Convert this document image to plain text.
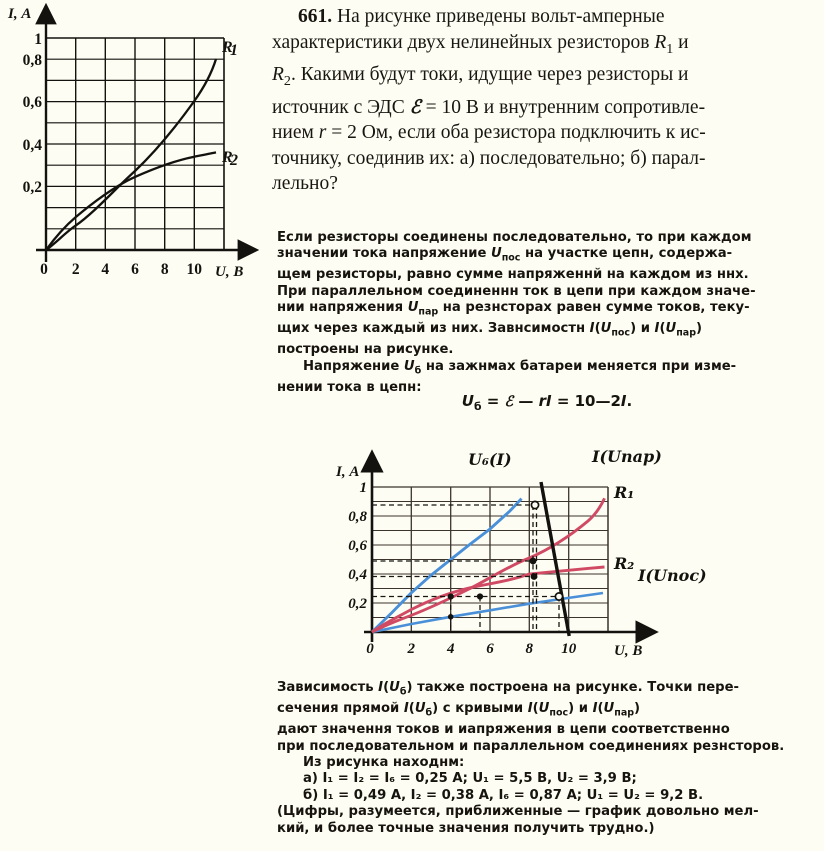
R
1
R
2
1
0,8
0,6
0,4
0,2
0 2 4 6 8 10
I, А
U, В
661. На рисунке приведены вольт-амперные
характеристики двух нелинейных резисторов $R_1$ и
$R_2$. Какими будут токи, идущие через резисторы и
источник с ЭДС ℰ = 10 В и внутренним сопротивле-
нием r = 2 Ом, если оба резистора подключить к ис-
точнику, соединив их: а) последовательно; б) парал-
лельно?
Если резисторы соединены последовательно, то при каждом
значении тока напряжение $U_{пос}$ на участке цепн, содержа-
щем резисторы, равно сумме напряженнй на каждом из ннх.
При параллельном соединеннн ток в цепи при каждом значе-
нии напряжения $U_{пар}$ на резнсторах равен сумме токов, теку-
щих через каждый из них. Завнсимостн $I(U_{пос})$ и $I(U_{пар})$
построены на рисунке.
Напряжение $U_б$ на зажнмах батареи меняется при изме-
нении тока в цепн:
$U_б$ = ℰ — rI = 10—2I.
1
0,8
0,6
0,4
0,2
0 2 4 6 8 10
I, А
U, В
U₆(I)	I(Uпар)
I(Uпос)
R₁
R₂
Зависимость $I(U_б)$ также построена на рисунке. Точки пере-
сечения прямой $I(U_б)$ с кривыми $I(U_{пос})$ и $I(U_{пар})$
дают значення токов и иапряжения в цепи соответственно
при последовательном и параллельном соединениях резнсторов.
Из рисунка находнм:
а) I₁ = I₂ = I₆ = 0,25 А; U₁ = 5,5 В, U₂ = 3,9 В;
б) I₁ = 0,49 А, I₂ = 0,38 А, I₆ = 0,87 А; U₁ = U₂ = 9,2 В.
(Цифры, разумеется, приближенные — график довольно мел-
кий, и более точные значения получить трудно.)
